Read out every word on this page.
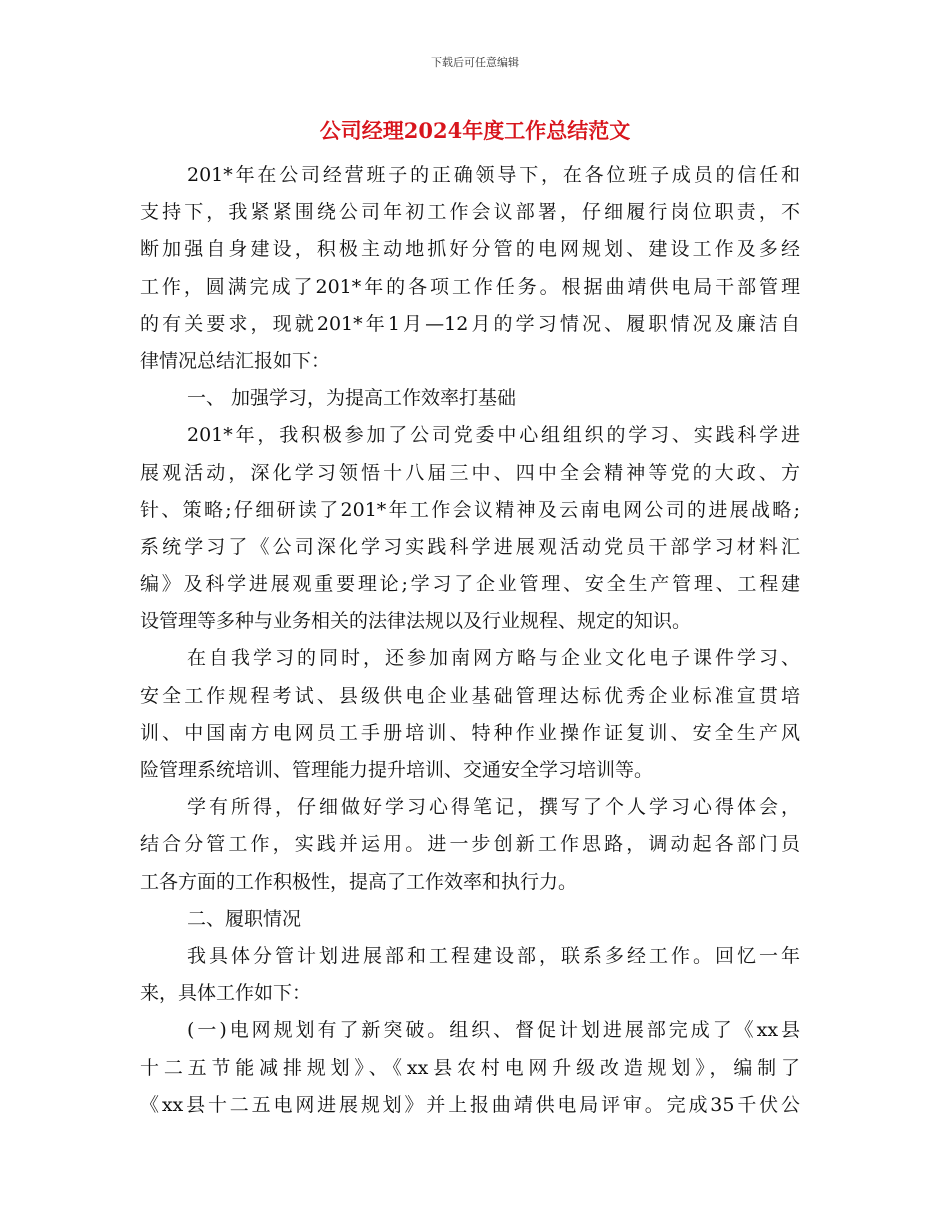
下载后可任意编辑
公司经理2024年度工作总结范文
201*年在公司经营班子的正确领导下，在各位班子成员的信任和
支持下，我紧紧围绕公司年初工作会议部署，仔细履行岗位职责，不
断加强自身建设，积极主动地抓好分管的电网规划、建设工作及多经
工作，圆满完成了201*年的各项工作任务。根据曲靖供电局干部管理
的有关要求，现就201*年1月—12月的学习情况、履职情况及廉洁自
律情况总结汇报如下：
一、 加强学习，为提高工作效率打基础
201*年，我积极参加了公司党委中心组组织的学习、实践科学进
展观活动，深化学习领悟十八届三中、四中全会精神等党的大政、方
针、策略;仔细研读了201*年工作会议精神及云南电网公司的进展战略;
系统学习了《公司深化学习实践科学进展观活动党员干部学习材料汇
编》及科学进展观重要理论;学习了企业管理、安全生产管理、工程建
设管理等多种与业务相关的法律法规以及行业规程、规定的知识。
在自我学习的同时，还参加南网方略与企业文化电子课件学习、
安全工作规程考试、县级供电企业基础管理达标优秀企业标准宣贯培
训、中国南方电网员工手册培训、特种作业操作证复训、安全生产风
险管理系统培训、管理能力提升培训、交通安全学习培训等。
学有所得，仔细做好学习心得笔记，撰写了个人学习心得体会，
结合分管工作，实践并运用。进一步创新工作思路，调动起各部门员
工各方面的工作积极性，提高了工作效率和执行力。
二、履职情况
我具体分管计划进展部和工程建设部，联系多经工作。回忆一年
来，具体工作如下：
(一)电网规划有了新突破。组织、督促计划进展部完成了《xx县
十二五节能减排规划》、《xx县农村电网升级改造规划》，编制了
《xx县十二五电网进展规划》并上报曲靖供电局评审。完成35千伏公
